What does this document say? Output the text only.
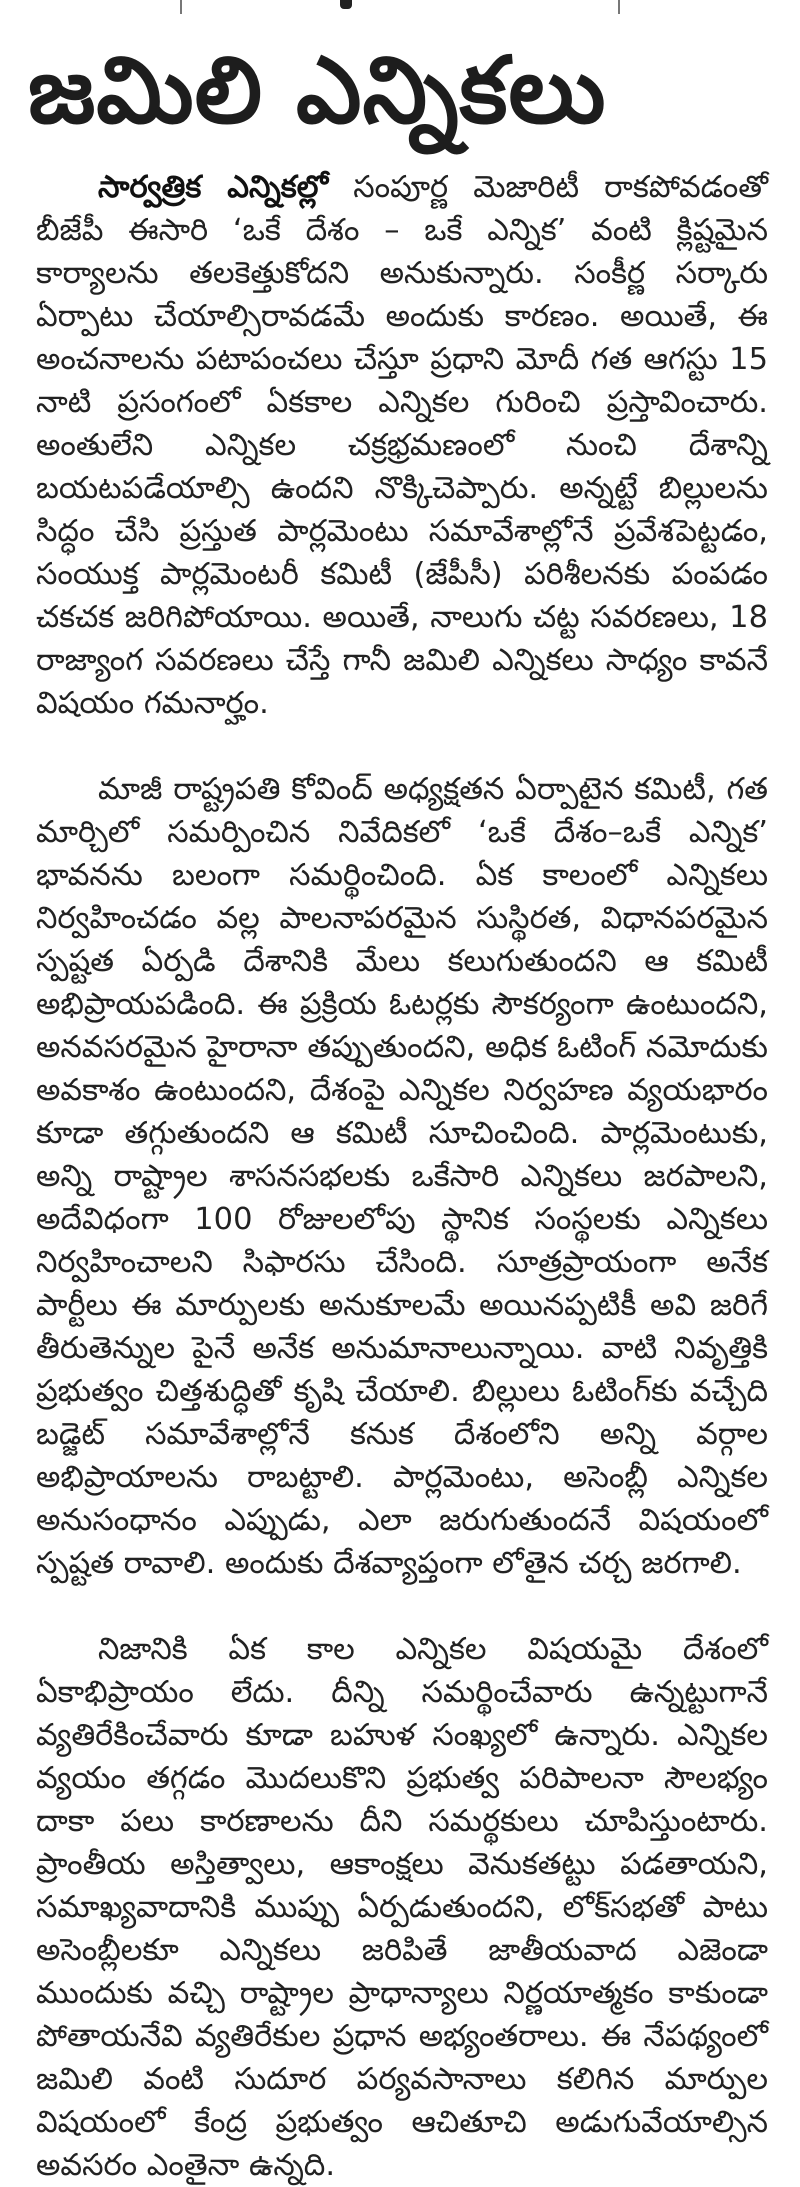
జమిలి ఎన్నికలు

సార్వత్రిక ఎన్నికల్లో సంపూర్ణ మెజారిటీ రాకపోవడంతో బీజేపీ ఈసారి ‘ఒకే దేశం – ఒకే ఎన్నిక’ వంటి క్లిష్టమైన కార్యాలను తలకెత్తుకోదని అనుకున్నారు. సంకీర్ణ సర్కారు ఏర్పాటు చేయాల్సిరావడమే అందుకు కారణం. అయితే, ఈ అంచనాలను పటాపంచలు చేస్తూ ప్రధాని మోదీ గత ఆగస్టు 15 నాటి ప్రసంగంలో ఏకకాల ఎన్నికల గురించి ప్రస్తావించారు. అంతులేని ఎన్నికల చక్రభ్రమణంలో నుంచి దేశాన్ని బయటపడేయాల్సి ఉందని నొక్కిచెప్పారు. అన్నట్టే బిల్లులను సిద్ధం చేసి ప్రస్తుత పార్లమెంటు సమావేశాల్లోనే ప్రవేశపెట్టడం, సంయుక్త పార్లమెంటరీ కమిటీ (జేపీసీ) పరిశీలనకు పంపడం చకచక జరిగిపోయాయి. అయితే, నాలుగు చట్ట సవరణలు, 18 రాజ్యాంగ సవరణలు చేస్తే గానీ జమిలి ఎన్నికలు సాధ్యం కావనే విషయం గమనార్హం.

మాజీ రాష్ట్రపతి కోవింద్ అధ్యక్షతన ఏర్పాటైన కమిటీ, గత మార్చిలో సమర్పించిన నివేదికలో ‘ఒకే దేశం–ఒకే ఎన్నిక’ భావనను బలంగా సమర్థించింది. ఏక కాలంలో ఎన్నికలు నిర్వహించడం వల్ల పాలనాపరమైన సుస్థిరత, విధానపరమైన స్పష్టత ఏర్పడి దేశానికి మేలు కలుగుతుందని ఆ కమిటీ అభిప్రాయపడింది. ఈ ప్రక్రియ ఓటర్లకు సౌకర్యంగా ఉంటుందని, అనవసరమైన హైరానా తప్పుతుందని, అధిక ఓటింగ్ నమోదుకు అవకాశం ఉంటుందని, దేశంపై ఎన్నికల నిర్వహణ వ్యయభారం కూడా తగ్గుతుందని ఆ కమిటీ సూచించింది. పార్లమెంటుకు, అన్ని రాష్ట్రాల శాసనసభలకు ఒకేసారి ఎన్నికలు జరపాలని, అదేవిధంగా 100 రోజులలోపు స్థానిక సంస్థలకు ఎన్నికలు నిర్వహించాలని సిఫారసు చేసింది. సూత్రప్రాయంగా అనేక పార్టీలు ఈ మార్పులకు అనుకూలమే అయినప్పటికీ అవి జరిగే తీరుతెన్నుల పైనే అనేక అనుమానాలున్నాయి. వాటి నివృత్తికి ప్రభుత్వం చిత్తశుద్ధితో కృషి చేయాలి. బిల్లులు ఓటింగ్‌కు వచ్చేది బడ్జెట్ సమావేశాల్లోనే కనుక దేశంలోని అన్ని వర్గాల అభిప్రాయాలను రాబట్టాలి. పార్లమెంటు, అసెంబ్లీ ఎన్నికల అనుసంధానం ఎప్పుడు, ఎలా జరుగుతుందనే విషయంలో స్పష్టత రావాలి. అందుకు దేశవ్యాప్తంగా లోతైన చర్చ జరగాలి.

నిజానికి ఏక కాల ఎన్నికల విషయమై దేశంలో ఏకాభిప్రాయం లేదు. దీన్ని సమర్థించేవారు ఉన్నట్టుగానే వ్యతిరేకించేవారు కూడా బహుళ సంఖ్యలో ఉన్నారు. ఎన్నికల వ్యయం తగ్గడం మొదలుకొని ప్రభుత్వ పరిపాలనా సౌలభ్యం దాకా పలు కారణాలను దీని సమర్థకులు చూపిస్తుంటారు. ప్రాంతీయ అస్తిత్వాలు, ఆకాంక్షలు వెనుకతట్టు పడతాయని, సమాఖ్యవాదానికి ముప్పు ఏర్పడుతుందని, లోక్‌సభతో పాటు అసెంబ్లీలకూ ఎన్నికలు జరిపితే జాతీయవాద ఎజెండా ముందుకు వచ్చి రాష్ట్రాల ప్రాధాన్యాలు నిర్ణయాత్మకం కాకుండా పోతాయనేవి వ్యతిరేకుల ప్రధాన అభ్యంతరాలు. ఈ నేపథ్యంలో జమిలి వంటి సుదూర పర్యవసానాలు కలిగిన మార్పుల విషయంలో కేంద్ర ప్రభుత్వం ఆచితూచి అడుగువేయాల్సిన అవసరం ఎంతైనా ఉన్నది.
